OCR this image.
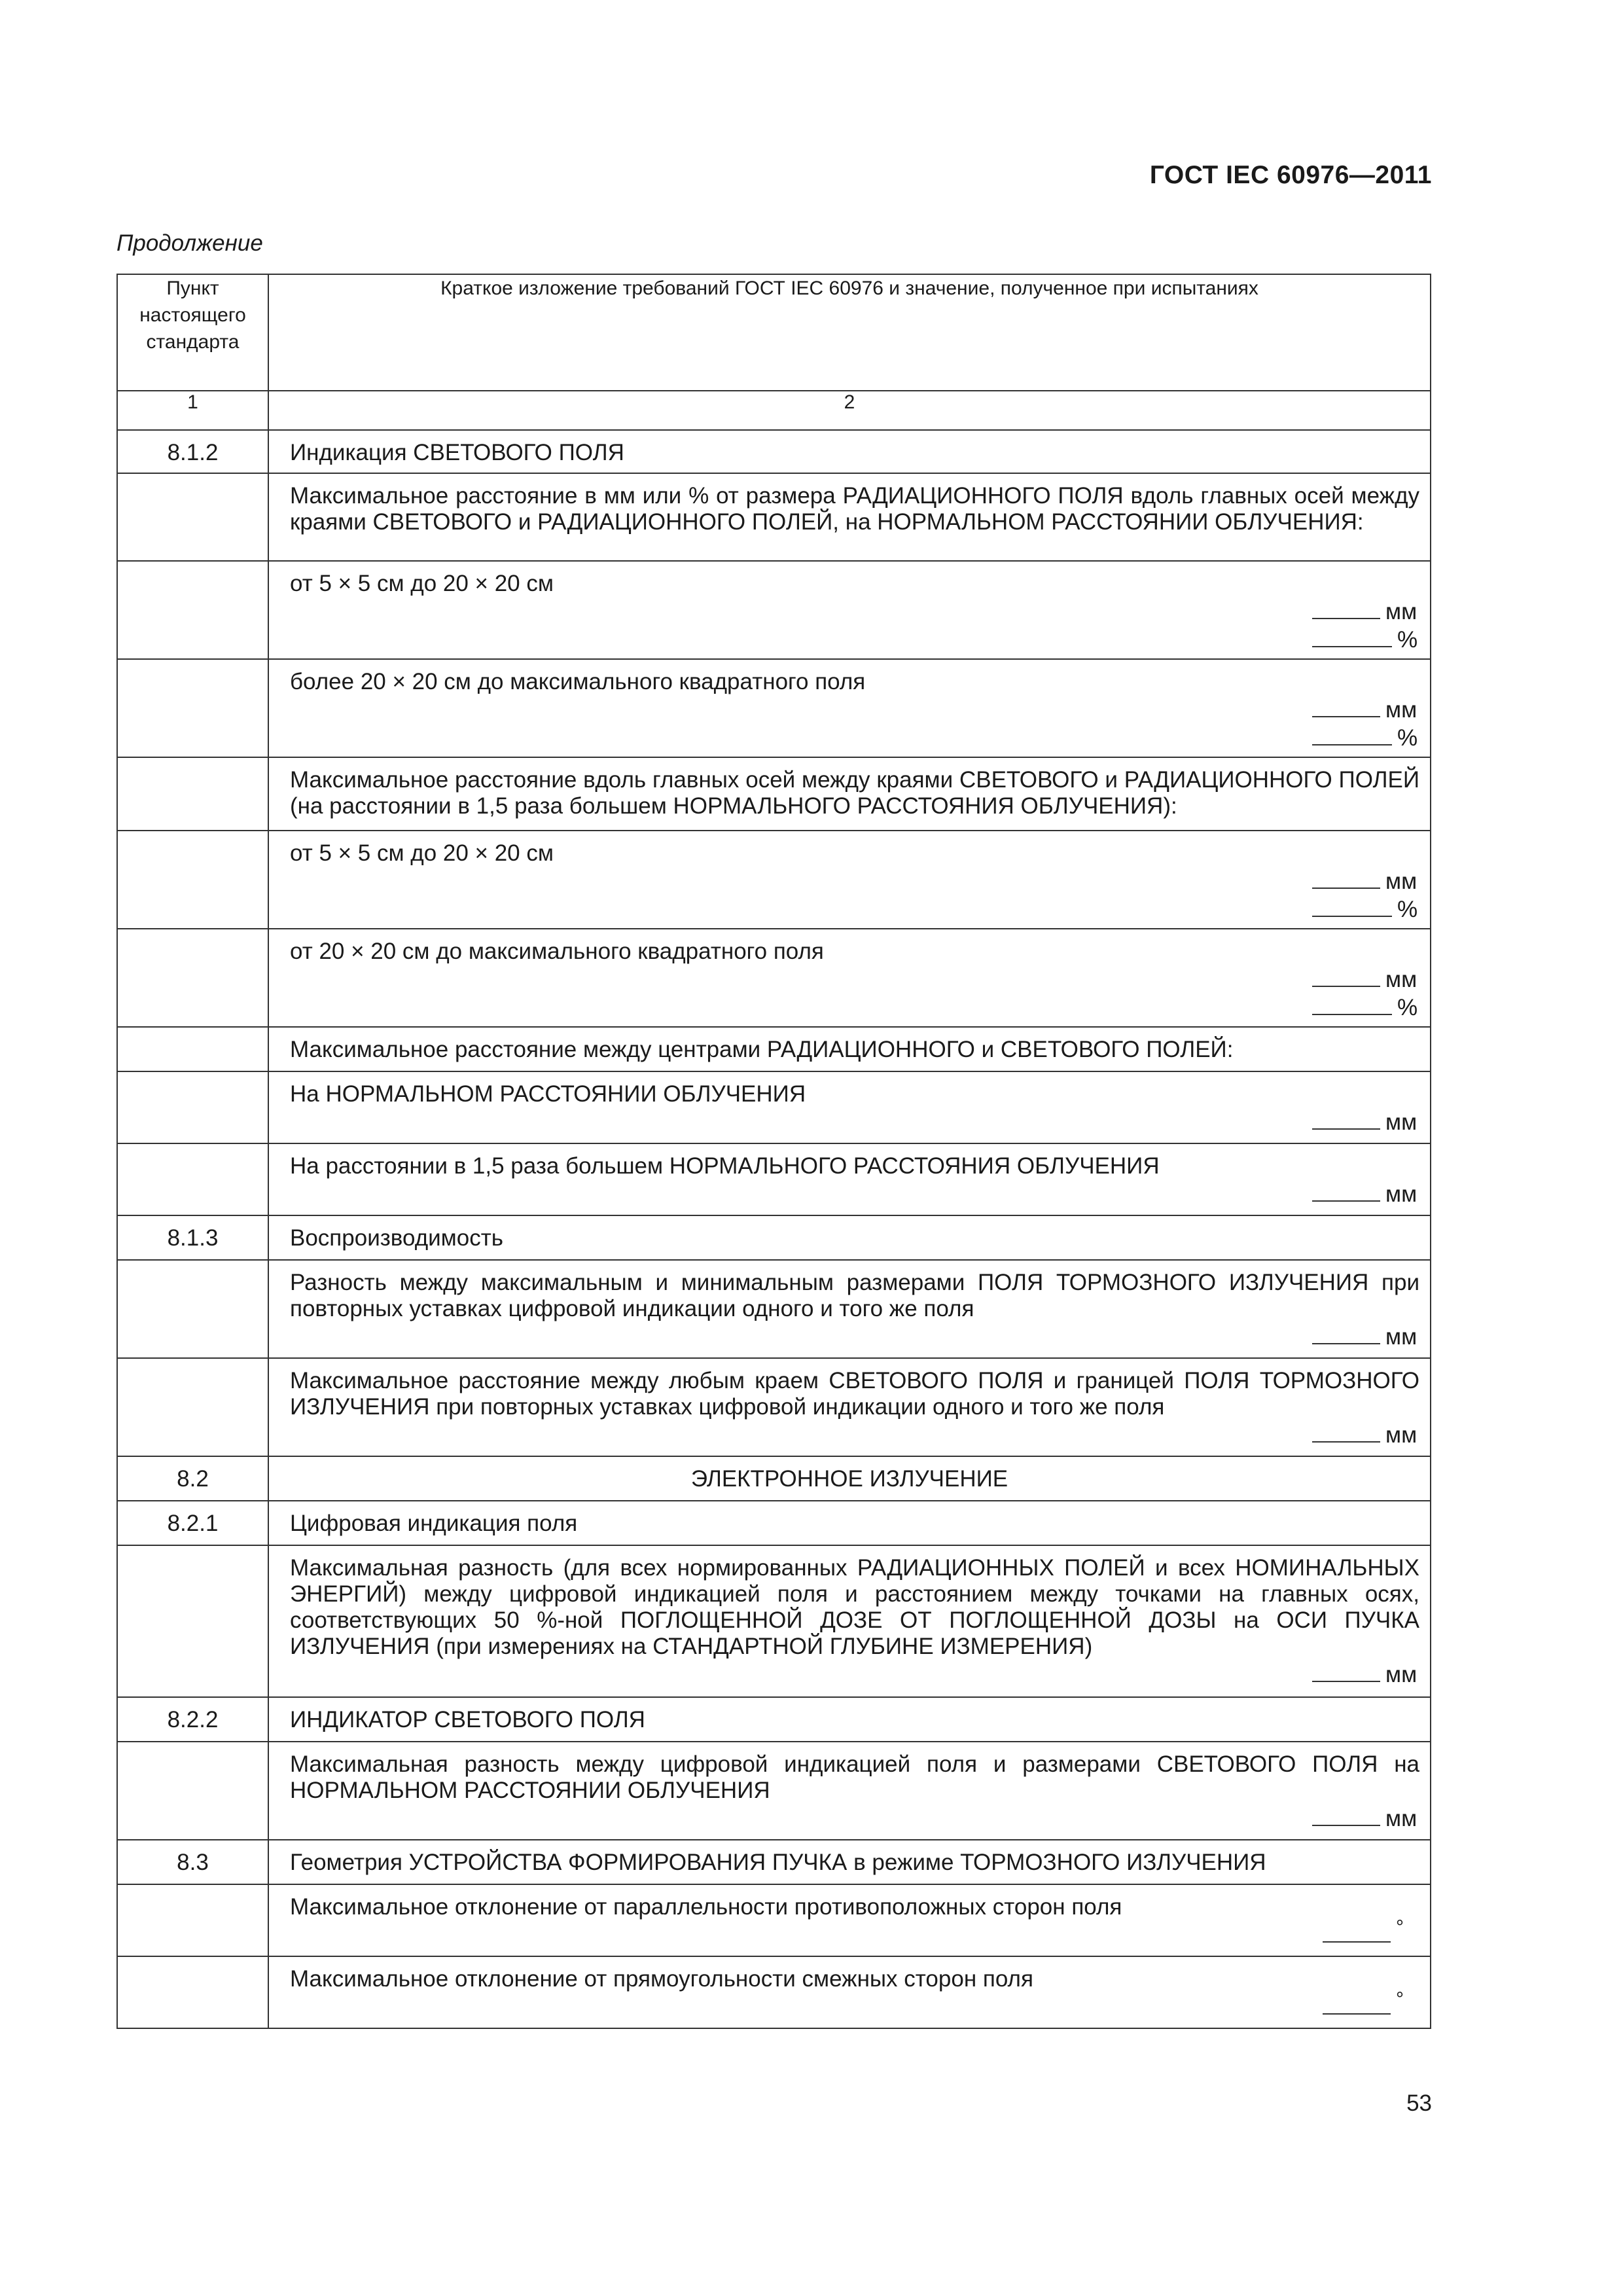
ГОСТ IEC 60976—2011
Продолжение
Пункт настоящего стандарта	Краткое изложение требований ГОСТ IEC 60976 и значение, полученное при испытаниях
1	2
8.1.2	Индикация СВЕТОВОГО ПОЛЯ
	Максимальное расстояние в мм или % от размера РАДИАЦИОННОГО ПОЛЯ вдоль главных осей между краями СВЕТОВОГО и РАДИАЦИОННОГО ПОЛЕЙ, на НОРМАЛЬНОМ РАССТОЯНИИ ОБЛУЧЕНИЯ:

	от 5 × 5 см до 20 × 20 см
мм
%

	более 20 × 20 см до максимального квадратного поля
мм
%

	Максимальное расстояние вдоль главных осей между краями СВЕТОВОГО и РАДИАЦИОННОГО ПОЛЕЙ (на расстоянии в 1,5 раза большем НОРМАЛЬНОГО РАССТОЯНИЯ ОБЛУЧЕНИЯ):

	от 5 × 5 см до 20 × 20 см
мм
%

	от 20 × 20 см до максимального квадратного поля
мм
%

	Максимальное расстояние между центрами РАДИАЦИОННОГО и СВЕТОВОГО ПОЛЕЙ:

	На НОРМАЛЬНОМ РАССТОЯНИИ ОБЛУЧЕНИЯ
мм

	На расстоянии в 1,5 раза большем НОРМАЛЬНОГО РАССТОЯНИЯ ОБЛУЧЕНИЯ
мм

8.1.3	Воспроизводимость

	Разность между максимальным и минимальным размерами ПОЛЯ ТОРМОЗНОГО ИЗЛУЧЕНИЯ при повторных уставках цифровой индикации одного и того же поля
мм

	Максимальное расстояние между любым краем СВЕТОВОГО ПОЛЯ и границей ПОЛЯ ТОРМОЗНОГО ИЗЛУЧЕНИЯ при повторных уставках цифровой индикации одного и того же поля
мм

8.2	ЭЛЕКТРОННОЕ ИЗЛУЧЕНИЕ
8.2.1	Цифровая индикация поля

	Максимальная разность (для всех нормированных РАДИАЦИОННЫХ ПОЛЕЙ и всех НОМИНАЛЬНЫХ ЭНЕРГИЙ) между цифровой индикацией поля и расстоянием между точками на главных осях, соответствующих 50 %-ной ПОГЛОЩЕННОЙ ДОЗЕ ОТ ПОГЛОЩЕННОЙ ДОЗЫ на ОСИ ПУЧКА ИЗЛУЧЕНИЯ (при измерениях на СТАНДАРТНОЙ ГЛУБИНЕ ИЗМЕРЕНИЯ)
мм

8.2.2	ИНДИКАТОР СВЕТОВОГО ПОЛЯ

	Максимальная разность между цифровой индикацией поля и размерами СВЕТОВОГО ПОЛЯ на НОРМАЛЬНОМ РАССТОЯНИИ ОБЛУЧЕНИЯ
мм

8.3	Геометрия УСТРОЙСТВА ФОРМИРОВАНИЯ ПУЧКА в режиме ТОРМОЗНОГО ИЗЛУЧЕНИЯ

	Максимальное отклонение от параллельности противоположных сторон поля
°

	Максимальное отклонение от прямоугольности смежных сторон поля
°
53
